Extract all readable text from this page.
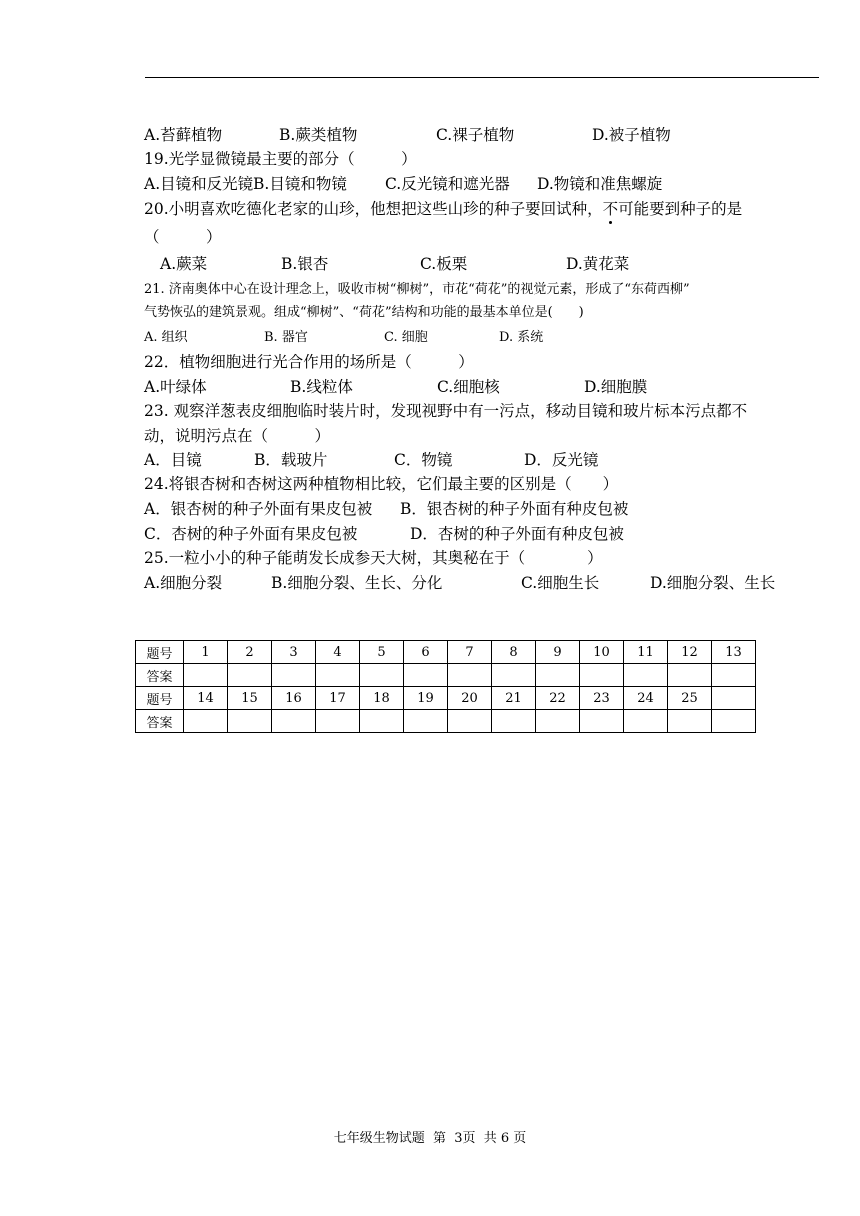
A.苔藓植物	B.蕨类植物	C.裸子植物	D.被子植物
19.光学显微镜最主要的部分（　　　）
A.目镜和反光镜 B.目镜和物镜 C.反光镜和遮光器 D.物镜和准焦螺旋
20.小明喜欢吃德化老家的山珍，他想把这些山珍的种子要回试种，不可能要到种子的是
（　　　）
A.蕨菜	B.银杏	C.板栗	D.黄花菜
21. 济南奥体中心在设计理念上，吸收市树“柳树”，市花“荷花”的视觉元素，形成了“东荷西柳”
气势恢弘的建筑景观。组成“柳树”、“荷花”结构和功能的最基本单位是(　　)
A. 组织	B. 器官	C. 细胞	D. 系统
22．植物细胞进行光合作用的场所是（　　　）
A.叶绿体	B.线粒体	C.细胞核	D.细胞膜
23. 观察洋葱表皮细胞临时装片时，发现视野中有一污点，移动目镜和玻片标本污点都不
动，说明污点在（　　　）
A．目镜	B．载玻片	C．物镜	D．反光镜
24.将银杏树和杏树这两种植物相比较，它们最主要的区别是（　　）
A．银杏树的种子外面有果皮包被 B．银杏树的种子外面有种皮包被
C．杏树的种子外面有果皮包被	D．杏树的种子外面有种皮包被
25.一粒小小的种子能萌发长成参天大树，其奥秘在于（　　　　）
A.细胞分裂	B.细胞分裂、生长、分化	C.细胞生长	D.细胞分裂、生长
题号	1	2	3	4	5	6	7	8	9	10	11	12	13
答案													
题号	14	15	16	17	18	19	20	21	22	23	24	25	
答案													
七年级生物试题  第  3页  共 6 页
